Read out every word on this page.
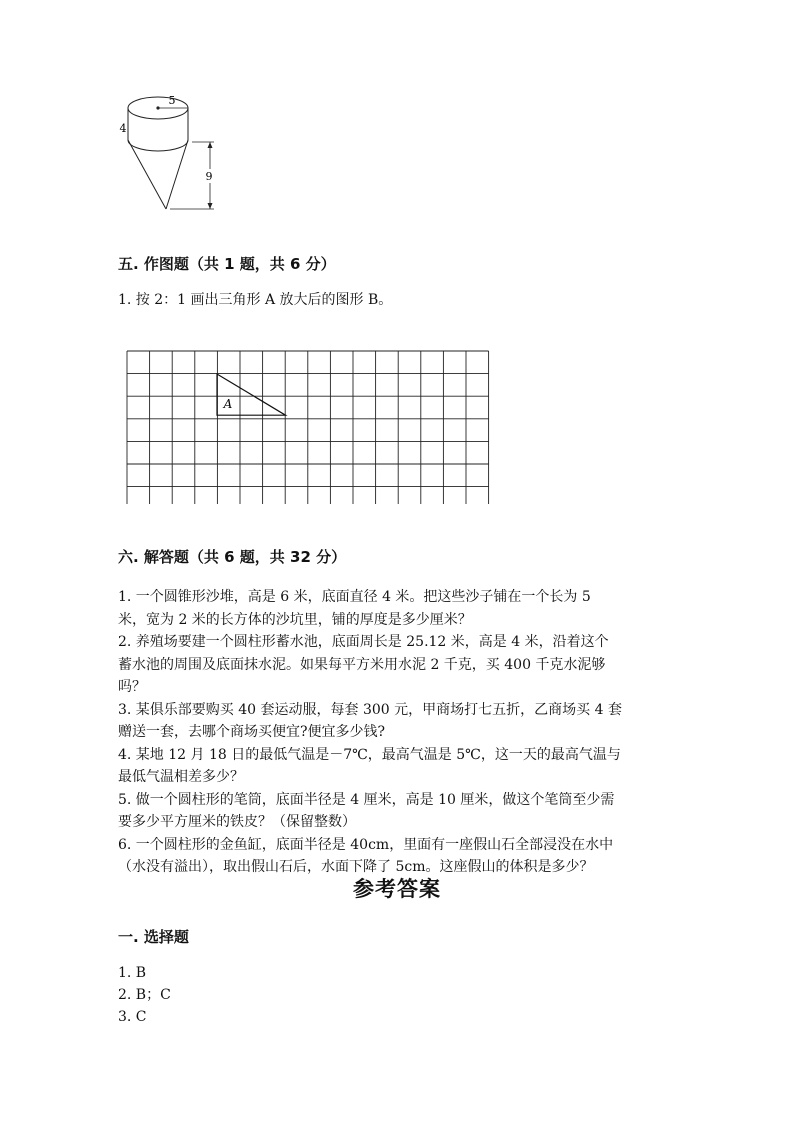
5
4
9
五. 作图题（共 1 题，共 6 分）
1. 按 2：1 画出三角形 A 放大后的图形 B。
A
六. 解答题（共 6 题，共 32 分）

1. 一个圆锥形沙堆，高是 6 米，底面直径 4 米。把这些沙子铺在一个长为 5

米，宽为 2 米的长方体的沙坑里，铺的厚度是多少厘米？

2. 养殖场要建一个圆柱形蓄水池，底面周长是 25.12 米，高是 4 米，沿着这个

蓄水池的周围及底面抹水泥。如果每平方米用水泥 2 千克，买 400 千克水泥够

吗？

3. 某俱乐部要购买 40 套运动服，每套 300 元，甲商场打七五折，乙商场买 4 套

赠送一套，去哪个商场买便宜?便宜多少钱?

4. 某地 12 月 18 日的最低气温是－7℃，最高气温是 5℃，这一天的最高气温与

最低气温相差多少？

5. 做一个圆柱形的笔筒，底面半径是 4 厘米，高是 10 厘米，做这个笔筒至少需

要多少平方厘米的铁皮？（保留整数）

6. 一个圆柱形的金鱼缸，底面半径是 40cm，里面有一座假山石全部浸没在水中

（水没有溢出），取出假山石后，水面下降了 5cm。这座假山的体积是多少？

参考答案
一. 选择题

1. B

2. B；C

3. C
